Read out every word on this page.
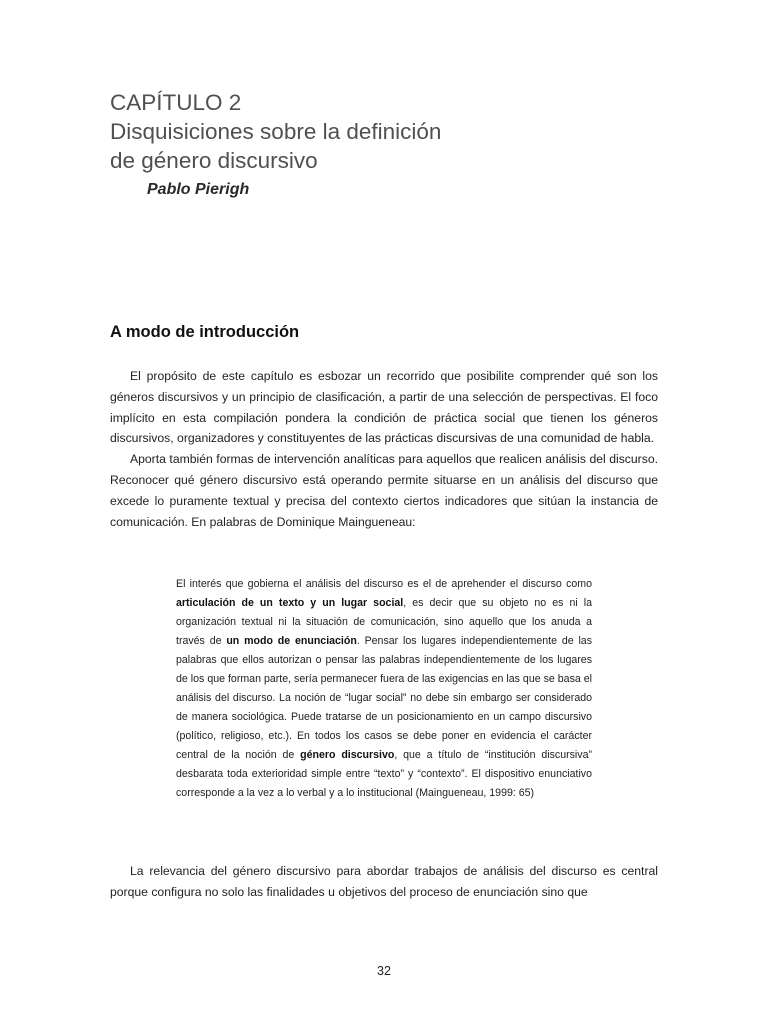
CAPÍTULO 2
Disquisiciones sobre la definición
de género discursivo
Pablo Pierigh
A modo de introducción

El propósito de este capítulo es esbozar un recorrido que posibilite comprender qué son los géneros discursivos y un principio de clasificación, a partir de una selección de perspectivas. El foco implícito en esta compilación pondera la condición de práctica social que tienen los géneros discursivos, organizadores y constituyentes de las prácticas discursivas de una comunidad de habla.

Aporta también formas de intervención analíticas para aquellos que realicen análisis del discurso. Reconocer qué género discursivo está operando permite situarse en un análisis del discurso que excede lo puramente textual y precisa del contexto ciertos indicadores que sitúan la instancia de comunicación. En palabras de Dominique Maingueneau:

El interés que gobierna el análisis del discurso es el de aprehender el discurso como articulación de un texto y un lugar social, es decir que su objeto no es ni la organización textual ni la situación de comunicación, sino aquello que los anuda a través de un modo de enunciación. Pensar los lugares independientemente de las palabras que ellos autorizan o pensar las palabras independientemente de los lugares de los que forman parte, sería permanecer fuera de las exigencias en las que se basa el análisis del discurso. La noción de “lugar social” no debe sin embargo ser considerado de manera sociológica. Puede tratarse de un posicionamiento en un campo discursivo (político, religioso, etc.). En todos los casos se debe poner en evidencia el carácter central de la noción de género discursivo, que a título de “institución discursiva” desbarata toda exterioridad simple entre “texto” y “contexto”. El dispositivo enunciativo corresponde a la vez a lo verbal y a lo institucional (Maingueneau, 1999: 65)

La relevancia del género discursivo para abordar trabajos de análisis del discurso es central porque configura no solo las finalidades u objetivos del proceso de enunciación sino que

32
